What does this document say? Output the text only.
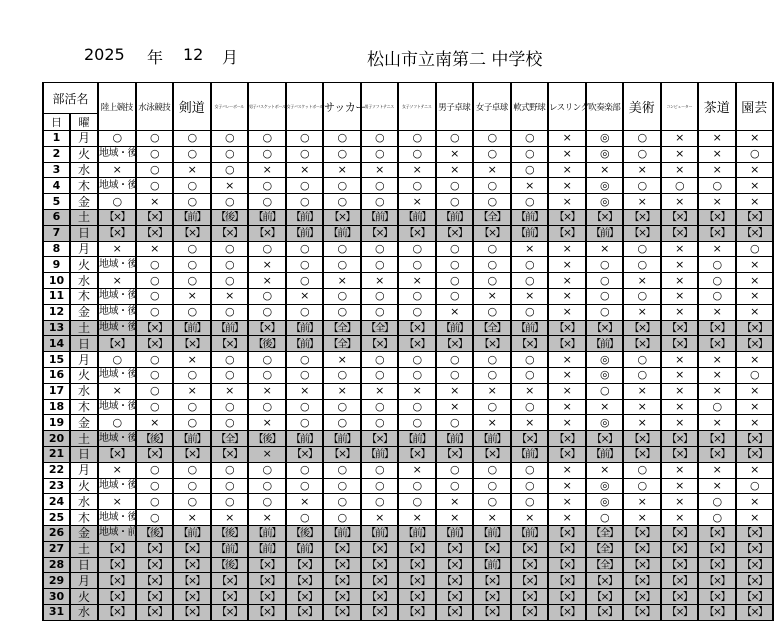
2025 年 12 月	松山市立南第二 中学校
部活名		陸上競技	水泳競技	剣道	女子バレーボール	男子バスケットボール	女子バスケットボール	サッカー	男子ソフトテニス	女子ソフトテニス	男子卓球	女子卓球	軟式野球	レスリング	吹奏楽部	美術	コンピューター	茶道	園芸
日	曜																		
1	月	○	○	○	○	○	○	○	○	○	○	○	○	×	◎	○	×	×	×
2	火	地域・後	○	○	○	○	○	○	○	○	×	○	○	×	◎	○	×	×	○
3	水	×	○	×	○	×	×	×	×	×	×	×	○	×	×	×	×	×	×
4	木	地域・後	○	○	×	○	○	○	○	○	○	○	×	×	◎	○	○	○	×
5	金	○	×	○	○	○	○	○	○	×	○	○	○	×	◎	×	×	×	×
6	土	【×】	【×】	【前】	【後】	【前】	【前】	【×】	【前】	【前】	【前】	【全】	【前】	【×】	【×】	【×】	【×】	【×】	【×】
7	日	【×】	【×】	【×】	【×】	【×】	【前】	【前】	【×】	【×】	【×】	【×】	【前】	【×】	【前】	【×】	【×】	【×】	【×】
8	月	×	×	○	○	○	○	○	○	○	○	○	×	×	×	○	×	×	○
9	火	地域・後	○	○	○	×	○	○	○	○	○	○	○	×	○	○	×	○	×
10	水	×	○	○	○	×	○	×	×	×	○	○	○	×	○	×	×	○	×
11	木	地域・後	○	×	×	○	×	○	○	○	○	×	×	×	○	○	×	○	×
12	金	地域・後	○	○	○	○	○	○	○	○	×	○	○	×	○	×	×	×	×
13	土	地域・後	【×】	【前】	【前】	【×】	【前】	【全】	【全】	【×】	【前】	【全】	【前】	【×】	【×】	【×】	【×】	【×】	【×】
14	日	【×】	【×】	【×】	【×】	【後】	【前】	【全】	【×】	【×】	【×】	【×】	【×】	【×】	【前】	【×】	【×】	【×】	【×】
15	月	○	○	×	○	○	○	×	○	○	○	○	○	×	◎	○	×	×	×
16	火	地域・後	○	○	○	○	○	○	○	○	○	○	○	×	◎	○	×	×	○
17	水	×	○	×	×	×	×	×	×	×	×	×	×	×	○	×	×	×	×
18	木	地域・後	○	○	○	○	○	○	○	○	×	○	○	×	×	×	×	○	×
19	金	○	×	○	○	×	○	○	○	○	○	×	×	×	◎	×	×	×	×
20	土	地域・後	【後】	【前】	【全】	【後】	【前】	【前】	【×】	【前】	【前】	【前】	【×】	【×】	【×】	【×】	【×】	【×】	【×】
21	日	【×】	【×】	【×】	【×】	×	【×】	【×】	【前】	【×】	【×】	【×】	【前】	【×】	【前】	【×】	【×】	【×】	【×】
22	月	×	○	○	○	○	○	○	○	×	○	○	○	×	×	○	×	×	×
23	火	地域・後	○	○	○	○	○	○	○	○	○	○	○	×	◎	○	×	×	○
24	水	×	○	○	○	○	×	○	○	○	×	○	○	×	◎	×	×	○	×
25	木	地域・後	○	×	×	×	○	○	×	×	×	×	×	×	○	×	×	○	×
26	金	地域・前	【後】	【前】	【後】	【前】	【後】	【前】	【前】	【前】	【前】	【前】	【前】	【×】	【全】	【×】	【×】	【×】	【×】
27	土	【×】	【×】	【×】	【前】	【前】	【前】	【×】	【×】	【×】	【×】	【×】	【×】	【×】	【全】	【×】	【×】	【×】	【×】
28	日	【×】	【×】	【×】	【後】	【×】	【×】	【×】	【×】	【×】	【×】	【前】	【×】	【×】	【全】	【×】	【×】	【×】	【×】
29	月	【×】	【×】	【×】	【×】	【×】	【×】	【×】	【×】	【×】	【×】	【×】	【×】	【×】	【×】	【×】	【×】	【×】	【×】
30	火	【×】	【×】	【×】	【×】	【×】	【×】	【×】	【×】	【×】	【×】	【×】	【×】	【×】	【×】	【×】	【×】	【×】	【×】
31	水	【×】	【×】	【×】	【×】	【×】	【×】	【×】	【×】	【×】	【×】	【×】	【×】	【×】	【×】	【×】	【×】	【×】	【×】
